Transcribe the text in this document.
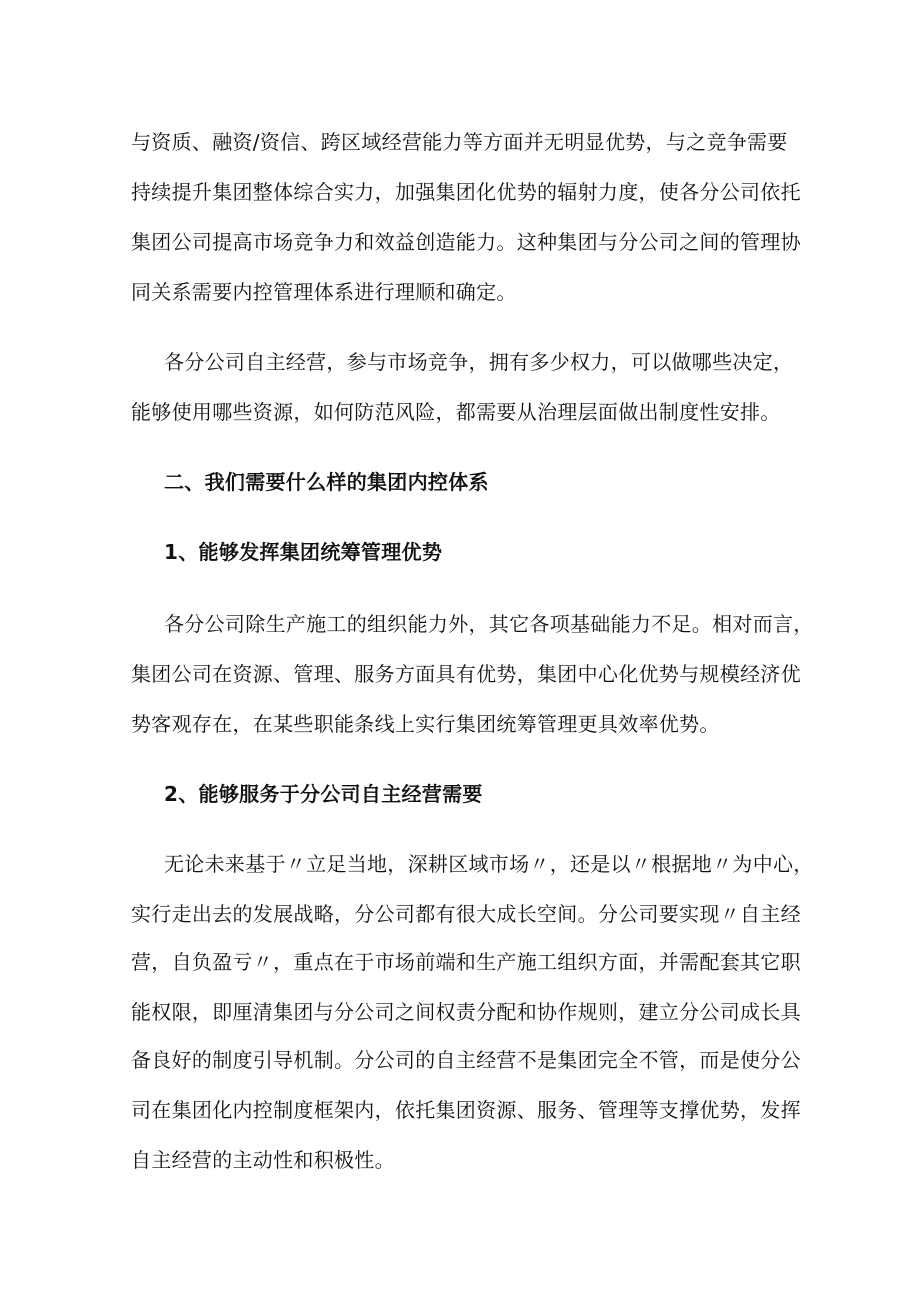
与资质、融资/资信、跨区域经营能力等方面并无明显优势，与之竞争需要
持续提升集团整体综合实力，加强集团化优势的辐射力度，使各分公司依托
集团公司提高市场竞争力和效益创造能力。这种集团与分公司之间的管理协
同关系需要内控管理体系进行理顺和确定。
各分公司自主经营，参与市场竞争，拥有多少权力，可以做哪些决定，
能够使用哪些资源，如何防范风险，都需要从治理层面做出制度性安排。
二、我们需要什么样的集团内控体系
1、能够发挥集团统筹管理优势
各分公司除生产施工的组织能力外，其它各项基础能力不足。相对而言，
集团公司在资源、管理、服务方面具有优势，集团中心化优势与规模经济优
势客观存在，在某些职能条线上实行集团统筹管理更具效率优势。
2、能够服务于分公司自主经营需要
无论未来基于〃立足当地，深耕区域市场〃，还是以〃根据地〃为中心，
实行走出去的发展战略，分公司都有很大成长空间。分公司要实现〃自主经
营，自负盈亏〃，重点在于市场前端和生产施工组织方面，并需配套其它职
能权限，即厘清集团与分公司之间权责分配和协作规则，建立分公司成长具
备良好的制度引导机制。分公司的自主经营不是集团完全不管，而是使分公
司在集团化内控制度框架内，依托集团资源、服务、管理等支撑优势，发挥
自主经营的主动性和积极性。
